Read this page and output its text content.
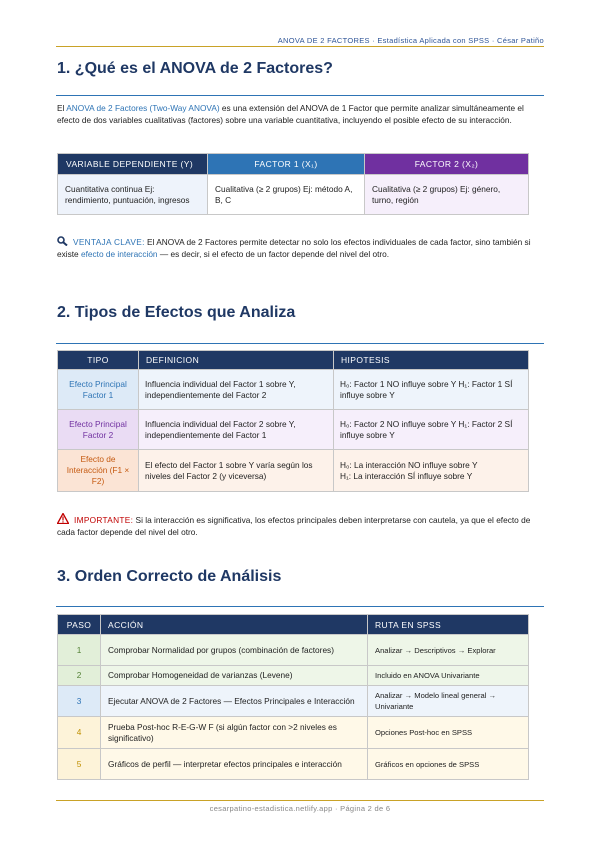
ANOVA DE 2 FACTORES · Estadística Aplicada con SPSS · César Patiño
1. ¿Qué es el ANOVA de 2 Factores?
El ANOVA de 2 Factores (Two-Way ANOVA) es una extensión del ANOVA de 1 Factor que permite analizar simultáneamente el efecto de dos variables cualitativas (factores) sobre una variable cuantitativa, incluyendo el posible efecto de su interacción.
VARIABLE DEPENDIENTE (Y)	FACTOR 1 (X₁)	FACTOR 2 (X₂)
Cuantitativa continua Ej: rendimiento, puntuación, ingresos	Cualitativa (≥ 2 grupos) Ej: método A, B, C	Cualitativa (≥ 2 grupos) Ej: género, turno, región
VENTAJA CLAVE: El ANOVA de 2 Factores permite detectar no solo los efectos individuales de cada factor, sino también si existe efecto de interacción — es decir, si el efecto de un factor depende del nivel del otro.
2. Tipos de Efectos que Analiza
TIPO	DEFINICION	HIPOTESIS
Efecto Principal Factor 1	Influencia individual del Factor 1 sobre Y, independientemente del Factor 2	H₀: Factor 1 NO influye sobre Y H₁: Factor 1 SÍ influye sobre Y
Efecto Principal Factor 2	Influencia individual del Factor 2 sobre Y, independientemente del Factor 1	H₀: Factor 2 NO influye sobre Y H₁: Factor 2 SÍ influye sobre Y
Efecto de Interacción (F1 × F2)	El efecto del Factor 1 sobre Y varía según los niveles del Factor 2 (y viceversa)	H₀: La interacción NO influye sobre Y
H₁: La interacción SÍ influye sobre Y
IMPORTANTE: Si la interacción es significativa, los efectos principales deben interpretarse con cautela, ya que el efecto de cada factor depende del nivel del otro.
3. Orden Correcto de Análisis
PASO	ACCIÓN	RUTA EN SPSS
1	Comprobar Normalidad por grupos (combinación de factores)	Analizar → Descriptivos → Explorar
2	Comprobar Homogeneidad de varianzas (Levene)	Incluido en ANOVA Univariante
3	Ejecutar ANOVA de 2 Factores — Efectos Principales e Interacción	Analizar → Modelo lineal general → Univariante
4	Prueba Post-hoc R-E-G-W F (si algún factor con >2 niveles es significativo)	Opciones Post-hoc en SPSS
5	Gráficos de perfil — interpretar efectos principales e interacción	Gráficos en opciones de SPSS
cesarpatino-estadistica.netlify.app · Página 2 de 6
